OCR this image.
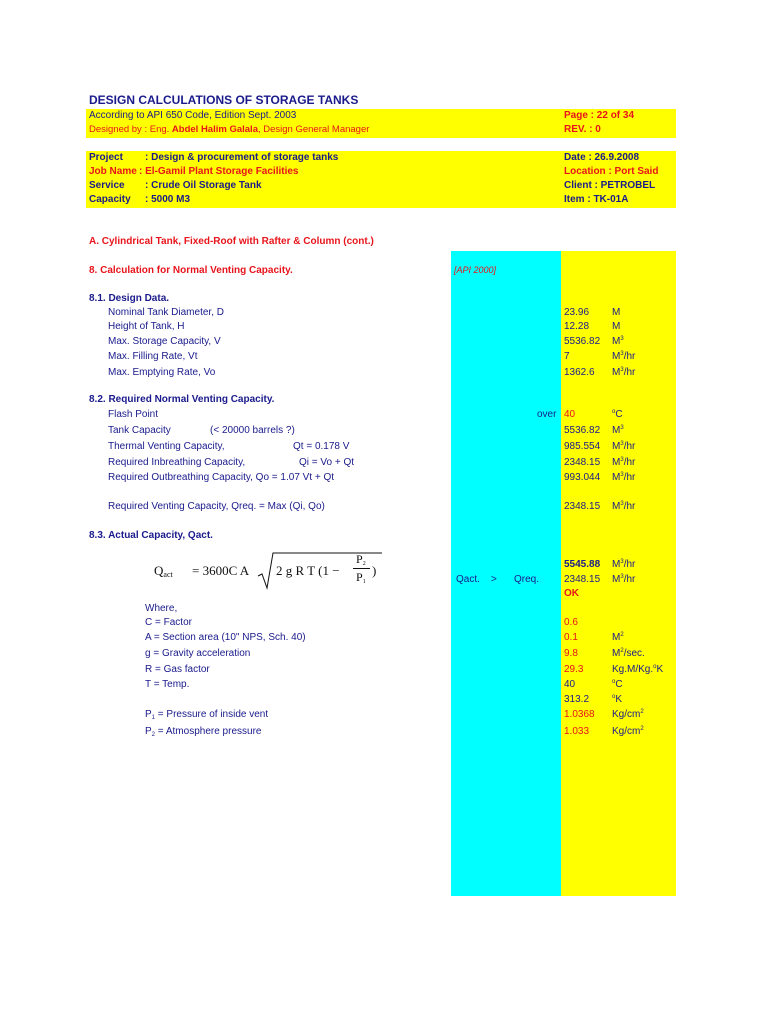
DESIGN CALCULATIONS OF STORAGE TANKS
According to API 650 Code, Edition Sept. 2003
Designed by : Eng. Abdel Halim Galala, Design General Manager
Page : 22 of 34
REV. : 0
Project : Design & procurement of storage tanks
Job Name : El-Gamil Plant Storage Facilities
Service : Crude Oil Storage Tank
Capacity : 5000 M3
Date : 26.9.2008
Location : Port Said
Client : PETROBEL
Item : TK-01A
A. Cylindrical Tank, Fixed-Roof with Rafter & Column (cont.)
8. Calculation for Normal Venting Capacity.	[API 2000]
8.1. Design Data.
Nominal Tank Diameter, D	23.96 M
Height of Tank, H	12.28 M
Max. Storage Capacity, V	5536.82 $M^3$
Max. Filling Rate, Vt	7	$M^3/hr$
Max. Emptying Rate, Vo	1362.6 $M^3/hr$
8.2. Required Normal Venting Capacity.
Flash Point	over 40	$^o$C
Tank Capacity	(< 20000 barrels ?)	5536.82 $M^3$
Thermal Venting Capacity,	Qt = 0.178 V	985.554 $M^3/hr$
Required Inbreathing Capacity,	Qi = Vo + Qt	2348.15 $M^3/hr$
Required Outbreathing Capacity, Qo = 1.07 Vt + Qt	993.044 $M^3/hr$
Required Venting Capacity, Qreq. = Max (Qi, Qo)	2348.15 $M^3/hr$
8.3. Actual Capacity, Qact.
$Q_{act} = 3600C$ A 2 g R T (1 −
$P_2$
$P_1$
)
Qact. > Qreq.
5545.88 $M^3/hr$
2348.15 $M^3/hr$
OK
Where,
C = Factor	0.6
A = Section area (10" NPS, Sch. 40)	0.1	$M^2$
g = Gravity acceleration	9.8	$M^2/\sec$.
R = Gas factor	29.3	Kg.M/Kg.$^o$K
T = Temp.	40	$^o$C
313.2	$^o$K
$P_1$ = Pressure of inside vent	1.0368 $Kg/cm^2$
$P_2$ = Atmosphere pressure	1.033 $Kg/cm^2$
